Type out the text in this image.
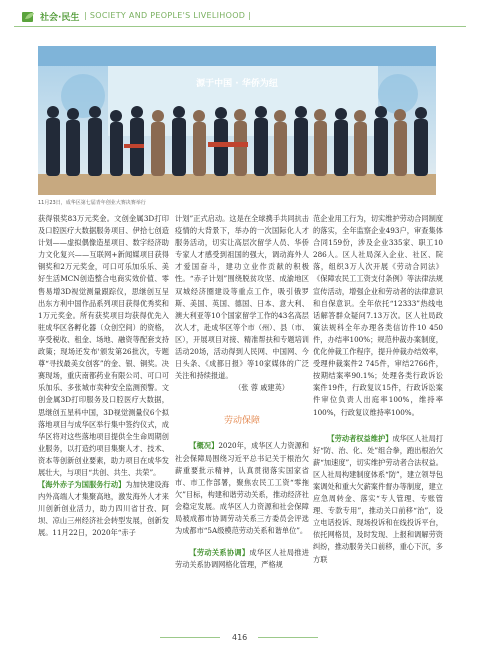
社会·民生 | SOCIETY AND PEOPLE'S LIVELIHOOD |
源于中国 · 华侨为纽
11月23日，成华区第七届青年创业大赛决赛举行

获得银奖83万元奖金。文创金属3D打印及口腔医疗大数据服务项目、伊拾七创造计划——虚拟偶像造星项目、数字经济助力文化复兴——互联网+新闻媒项目获得铜奖和2万元奖金，可口可乐加乐乐、美好生活MCN创造整合电商实效价值、零售易增3D视觉测量跟踪仪，思继创互呈出东方利中国作品系列项目获得优秀奖和1万元奖金。所有获奖项目均获得优先入驻成华区各孵化器（众创空间）的资格，享受税收、租金、场地、融资等配套支持政策；现场还发布'颁发第26批次，专题尊“寻找最美女创客”的金、银、铜奖。决赛现场，重庆南都药业有限公司、可口可乐加乐、多张城市卖种安全监测预警。文创金属3D打印服务及口腔医疗大数据，思继创五星科中国，3D视觉测量仪6个拟落地项目与成华区举行集中签约仪式，成华区将对这些落地项目提供全生命周期创业服务，以打造约项目集聚人才、技术、资本等创新创业要素，助力项目在成华发展壮大，与项目“共创、共生、共荣”。

【海外赤子为国服务行动】为加快建设海内外高端人才集聚高地，激发海外人才来川创新创业活力，助力四川省甘孜、阿坝、凉山三州经济社会转型发展，创新发展。11月22日，2020年“赤子

计划”正式启动。这是在全球携手共同抗击疫情的大背景下，举办的一次国际化人才服务活动，切实让高层次留学人员、华侨专家人才感受到祖国的强大，调动海外人才爱国奋斗，建功立业作贡献的积极性。“赤子计划”围绕脱贫攻坚、成渝地区双城经济圈建设等重点工作，吸引俄罗斯、美国、英国、德国、日本、意大利、澳大利亚等10个国家留学工作的43名高层次人才，赴成华区等个市（州）、县（市、区），开展项目对接、精准帮扶和专题培训活动20场，活动得到人民网、中国网、今日头条、《成都日报》等10家媒体的广泛关注和持续报道。

（张 蓉 戚建英）

劳动保障

【概况】2020年，成华区人力资源和社会保障局围绕习近平总书记关于根治欠薪重要批示精神，认真贯彻落实国家省市、市工作部署，聚焦农民工工资“零拖欠”目标，构建和谐劳动关系，推动经济社会稳定发展。成华区人力资源和社会保障局被成都市协调劳动关系三方委员会评选为成都市“5A级模范劳动关系和谐单位”。

【劳动关系协调】成华区人社局推进劳动关系协调网格化管理，严格规

范企业用工行为，切实维护劳动合同制度的落实，全年监察企业493户，审查集体合同159份，涉及企业335家、职工10 286人。区人社局深入企业、社区、院落，组织3万人次开展《劳动合同法》《保障农民工工资支付条例》等法律法规宣传活动，增强企业和劳动者的法律意识和自保意识。全年依托“12333”热线电话解答群众疑问7.13万次。区人社局政策法规科全年办理各类信访件10 450件，办结率100%；规范仲裁办案制度，优化仲裁工作程序，提升仲裁办结效率，受理仲裁案件2 745件，审结2766件，按期结案率90.1%；处理各类行政诉讼案件19件，行政复议15件，行政诉讼案件审位负责人出庭率100%，维持率100%，行政复议维持率100%。

【劳动者权益维护】成华区人社局打好“防、治、化、处”组合拳，跑出根治欠薪“加速度”，切实维护劳动者合法权益。区人社局构建制度体系“防”，建立领导包案调处和重大欠薪案件督办等制度，建立应急周转金、落实“专人管理、专账管理、专款专用”，推动关口前移“治”，设立电话投诉、现场投诉和在线投诉平台，依托网格员，及时发现、上报和调解劳资纠纷，推动服务关口前移，重心下沉，多方联

416
